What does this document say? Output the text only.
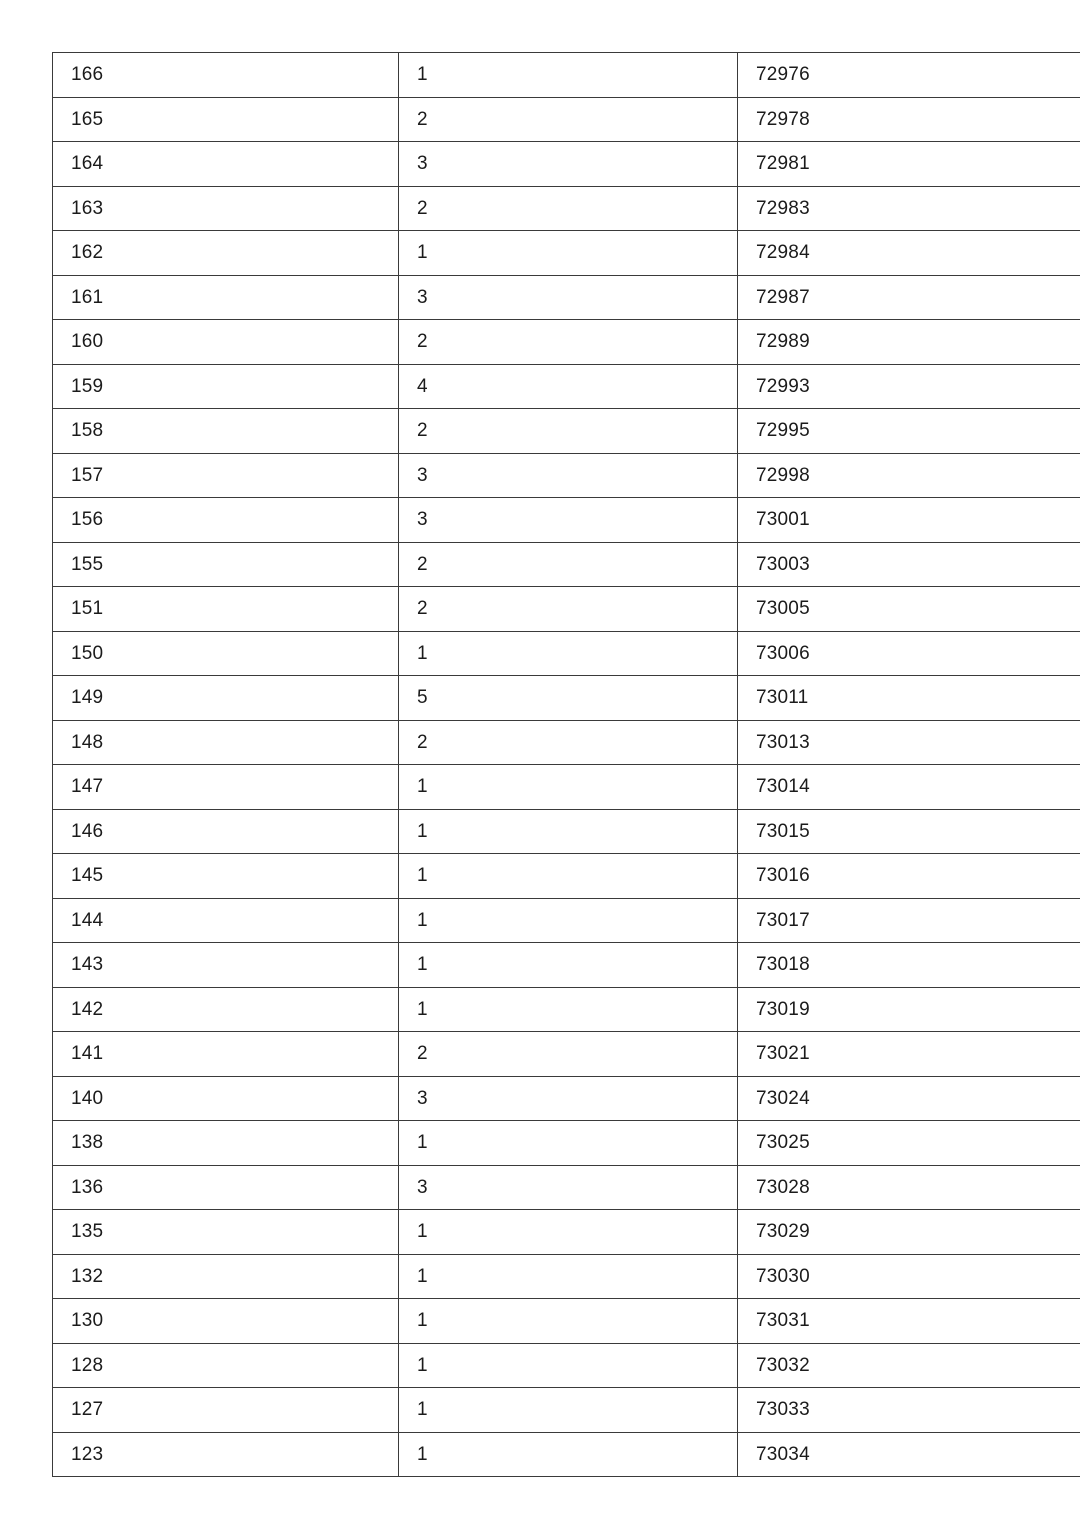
166	1	72976
165	2	72978
164	3	72981
163	2	72983
162	1	72984
161	3	72987
160	2	72989
159	4	72993
158	2	72995
157	3	72998
156	3	73001
155	2	73003
151	2	73005
150	1	73006
149	5	73011
148	2	73013
147	1	73014
146	1	73015
145	1	73016
144	1	73017
143	1	73018
142	1	73019
141	2	73021
140	3	73024
138	1	73025
136	3	73028
135	1	73029
132	1	73030
130	1	73031
128	1	73032
127	1	73033
123	1	73034
